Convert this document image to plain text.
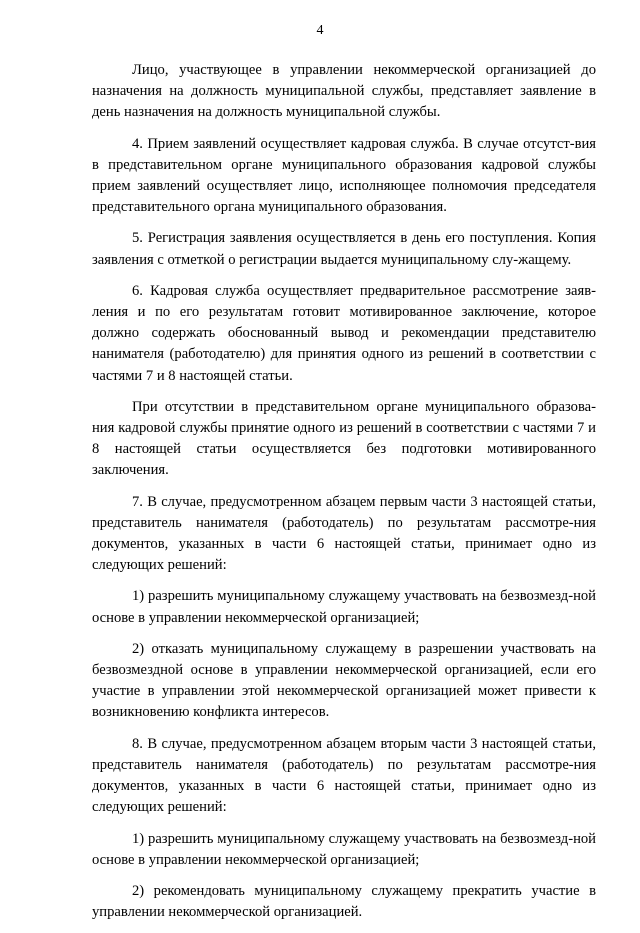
4

Лицо, участвующее в управлении некоммерческой организацией до назначения на должность муниципальной службы, представляет заявление в день назначения на должность муниципальной службы.

4. Прием заявлений осуществляет кадровая служба. В случае отсутст-вия в представительном органе муниципального образования кадровой службы прием заявлений осуществляет лицо, исполняющее полномочия председателя представительного органа муниципального образования.

5. Регистрация заявления осуществляется в день его поступления. Копия заявления с отметкой о регистрации выдается муниципальному слу-жащему.

6. Кадровая служба осуществляет предварительное рассмотрение заяв-ления и по его результатам готовит мотивированное заключение, которое должно содержать обоснованный вывод и рекомендации представителю нанимателя (работодателю) для принятия одного из решений в соответствии с частями 7 и 8 настоящей статьи.

При отсутствии в представительном органе муниципального образова-ния кадровой службы принятие одного из решений в соответствии с частями 7 и 8 настоящей статьи осуществляется без подготовки мотивированного заключения.

7. В случае, предусмотренном абзацем первым части 3 настоящей статьи, представитель нанимателя (работодатель) по результатам рассмотре-ния документов, указанных в части 6 настоящей статьи, принимает одно из следующих решений:

1) разрешить муниципальному служащему участвовать на безвозмезд-ной основе в управлении некоммерческой организацией;

2) отказать муниципальному служащему в разрешении участвовать на безвозмездной основе в управлении некоммерческой организацией, если его участие в управлении этой некоммерческой организацией может привести к возникновению конфликта интересов.

8. В случае, предусмотренном абзацем вторым части 3 настоящей статьи, представитель нанимателя (работодатель) по результатам рассмотре-ния документов, указанных в части 6 настоящей статьи, принимает одно из следующих решений:

1) разрешить муниципальному служащему участвовать на безвозмезд-ной основе в управлении некоммерческой организацией;

2) рекомендовать муниципальному служащему прекратить участие в управлении некоммерческой организацией.
